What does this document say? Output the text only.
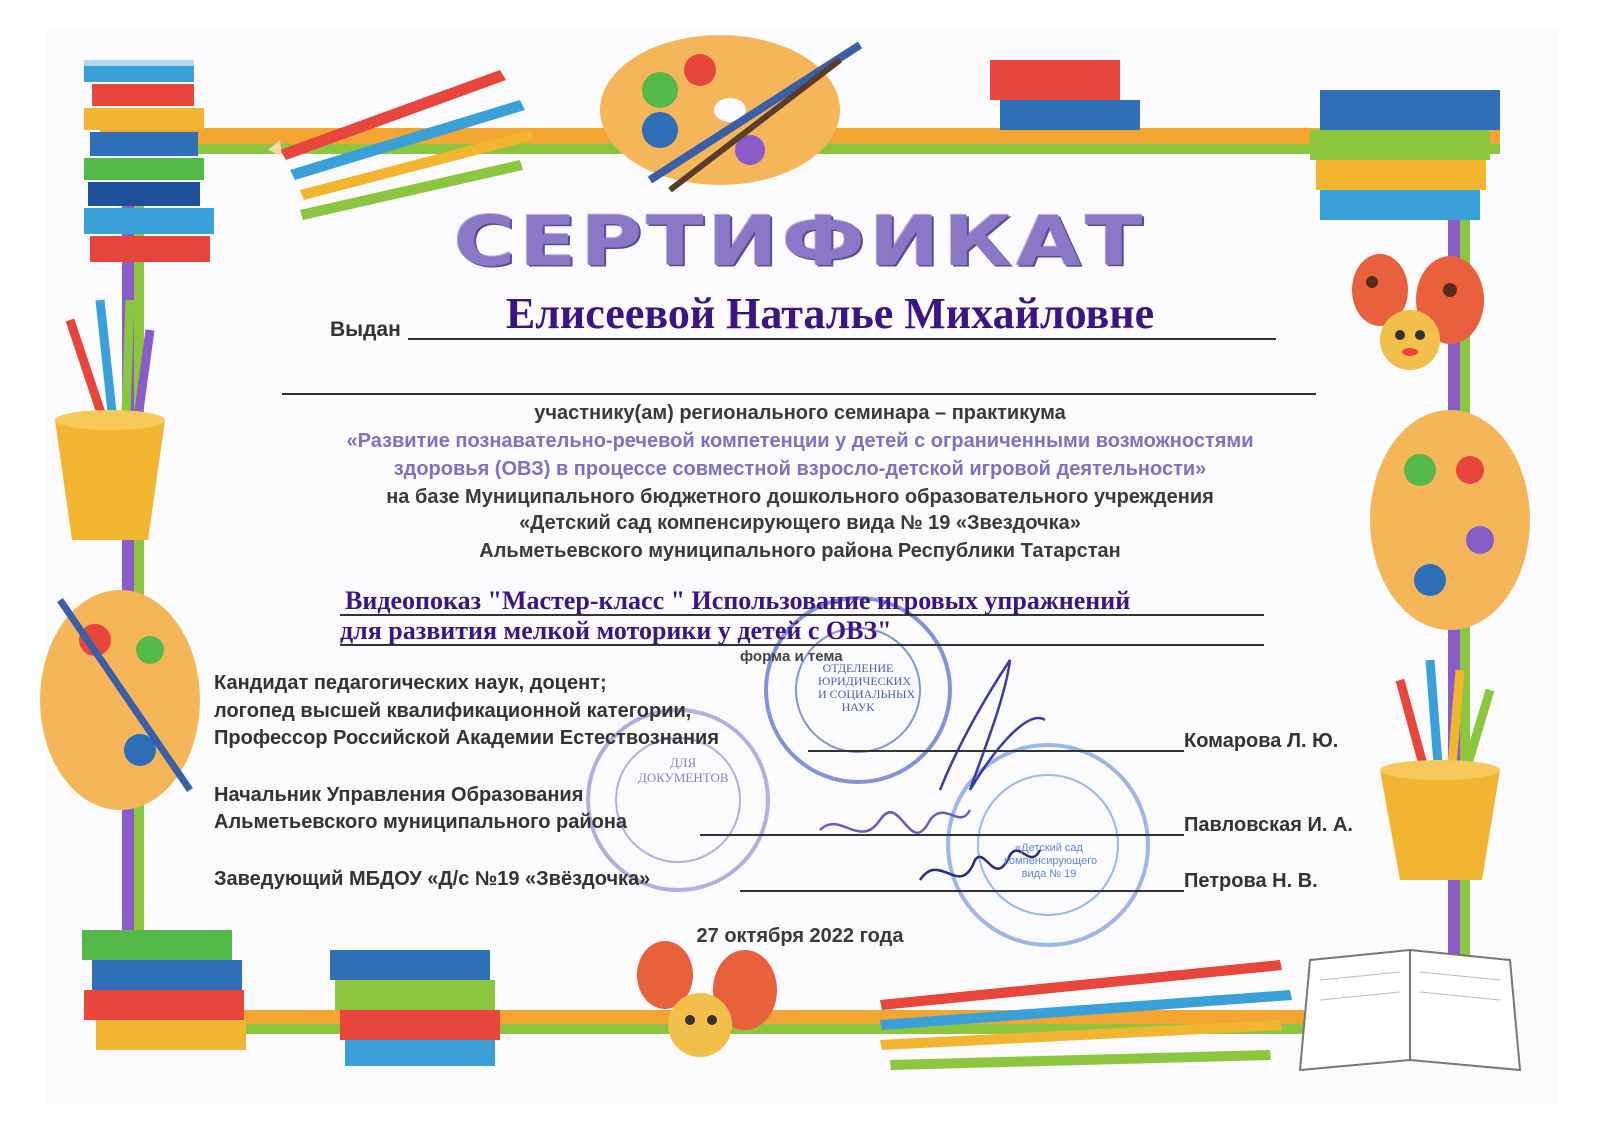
ОТДЕЛЕНИЕ
ЮРИДИЧЕСКИХ
И СОЦИАЛЬНЫХ
НАУК
ДЛЯ
ДОКУМЕНТОВ
«Детский сад
компенсирующего
вида № 19
СЕРТИФИКАТ
Выдан	Елисеевой Наталье Михайловне
участнику(ам) регионального семинара – практикума
«Развитие познавательно-речевой компетенции у детей с ограниченными возможностями
здоровья (ОВЗ) в процессе совместной взросло-детской игровой деятельности»
на базе Муниципального бюджетного дошкольного образовательного учреждения
«Детский сад компенсирующего вида № 19 «Звездочка»
Альметьевского муниципального района Республики Татарстан
Видеопоказ "Мастер-класс " Использование игровых упражнений
для развития мелкой моторики у детей с ОВЗ"
форма и тема
Кандидат педагогических наук, доцент;
логопед высшей квалификационной категории,
Профессор Российской Академии Естествознания	Комарова Л. Ю.
Начальник Управления Образования
Альметьевского муниципального района	Павловская И. А.
Заведующий МБДОУ «Д/с №19 «Звёздочка»	Петрова Н. В.
27 октября 2022 года
